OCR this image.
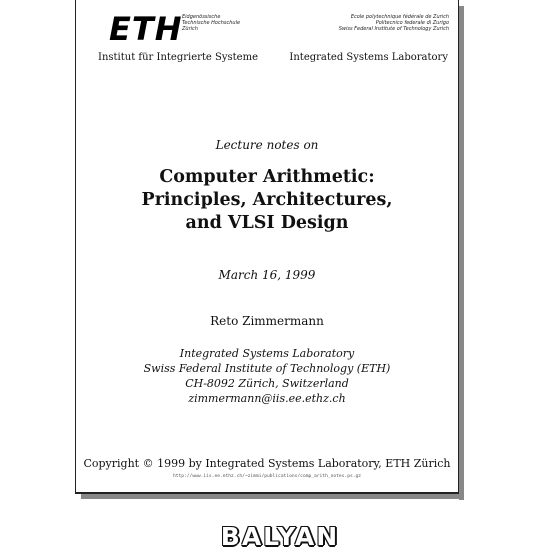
ETH Eidgenössische
Technische Hochschule
Zürich
Ecole polytechnique fédérale de Zurich
Politecnico federale di Zurigo
Swiss Federal Institute of Technology Zurich
Institut für Integrierte Systeme	Integrated Systems Laboratory
Lecture notes on
Computer Arithmetic:
Principles, Architectures,
and VLSI Design
March 16, 1999
Reto Zimmermann
Integrated Systems Laboratory
Swiss Federal Institute of Technology (ETH)
CH-8092 Zürich, Switzerland
zimmermann@iis.ee.ethz.ch
Copyright © 1999 by Integrated Systems Laboratory, ETH Zürich
http://www.iis.ee.ethz.ch/~zimmi/publications/comp_arith_notes.ps.gz
BALYAN
